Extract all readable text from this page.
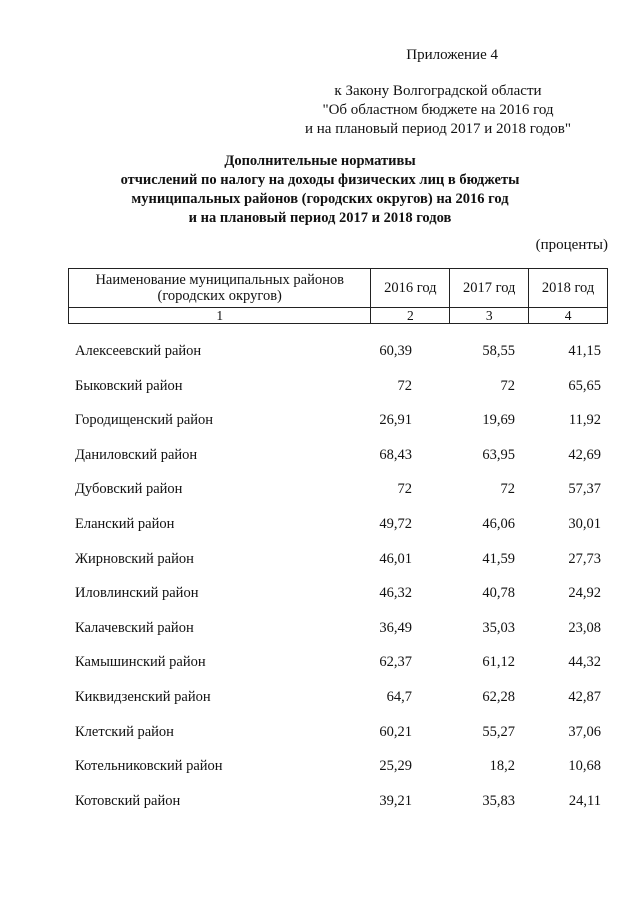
Приложение 4
к Закону Волгоградской области
"Об областном бюджете на 2016 год
и на плановый период 2017 и 2018 годов"
Дополнительные нормативы
отчислений по налогу на доходы физических лиц в бюджеты
муниципальных районов (городских округов) на 2016 год
и на плановый период 2017 и 2018 годов
(проценты)
Наименование муниципальных районов
(городских округов)	2016 год	2017 год	2018 год
1	2	3	4
Алексеевский район	60,39	58,55	41,15
Быковский район	72	72	65,65
Городищенский район	26,91	19,69	11,92
Даниловский район	68,43	63,95	42,69
Дубовский район	72	72	57,37
Еланский район	49,72	46,06	30,01
Жирновский район	46,01	41,59	27,73
Иловлинский район	46,32	40,78	24,92
Калачевский район	36,49	35,03	23,08
Камышинский район	62,37	61,12	44,32
Киквидзенский район	64,7	62,28	42,87
Клетский район	60,21	55,27	37,06
Котельниковский район	25,29	18,2	10,68
Котовский район	39,21	35,83	24,11
